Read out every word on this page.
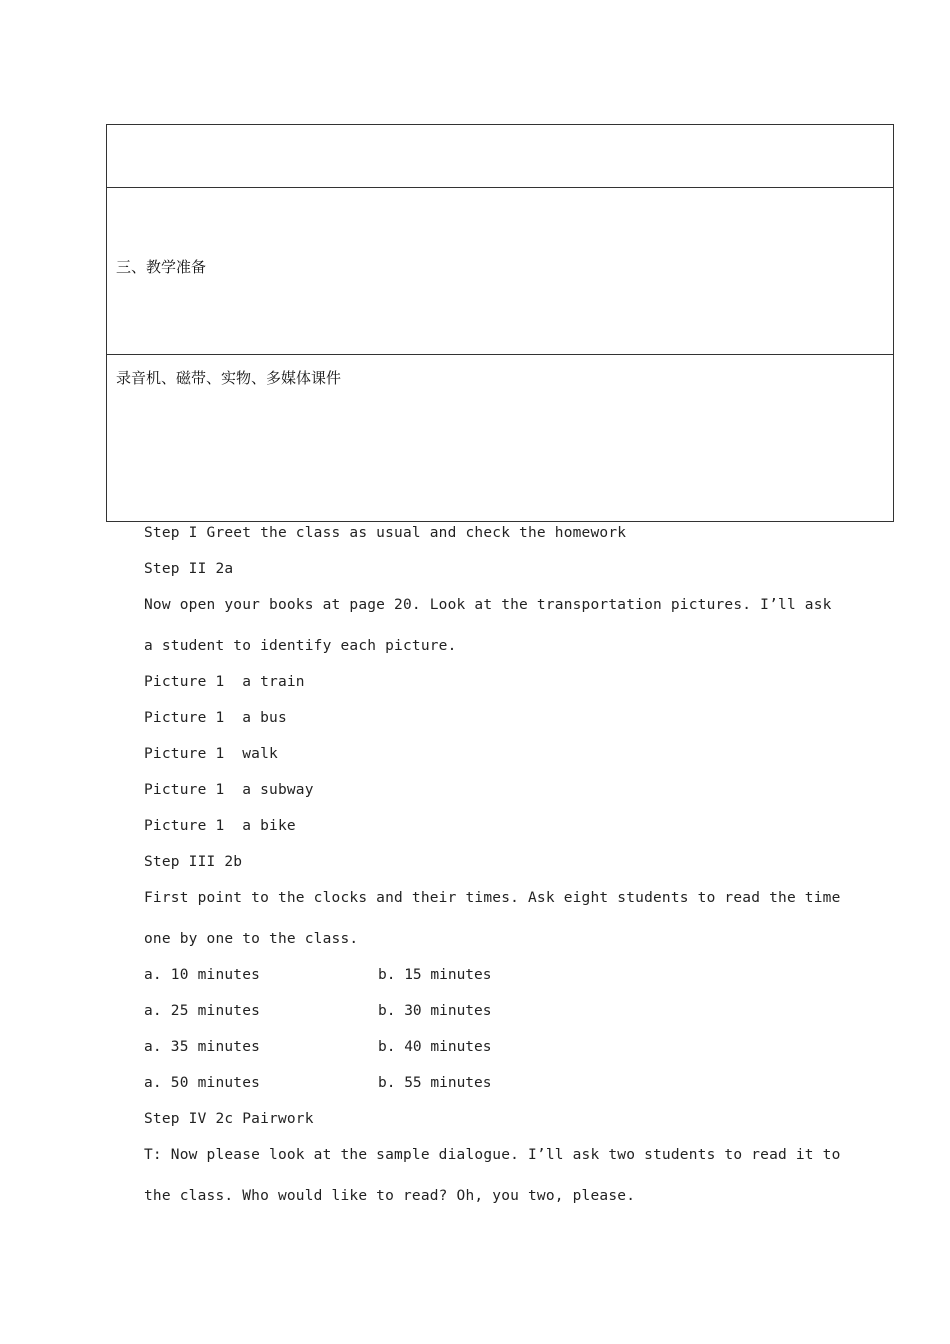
三、教学准备
录音机、磁带、实物、多媒体课件
Step I Greet the class as usual and check the homework
Step II 2a
Now open your books at page 20. Look at the transportation pictures. I’ll ask
a student to identify each picture.
Picture 1  a train
Picture 1  a bus
Picture 1  walk
Picture 1  a subway
Picture 1  a bike
Step III 2b
First point to the clocks and their times. Ask eight students to read the time
one by one to the class.
a. 10 minutes	b. 15 minutes
a. 25 minutes	b. 30 minutes
a. 35 minutes	b. 40 minutes
a. 50 minutes	b. 55 minutes
Step IV 2c Pairwork
T: Now please look at the sample dialogue. I’ll ask two students to read it to
the class. Who would like to read? Oh, you two, please.
